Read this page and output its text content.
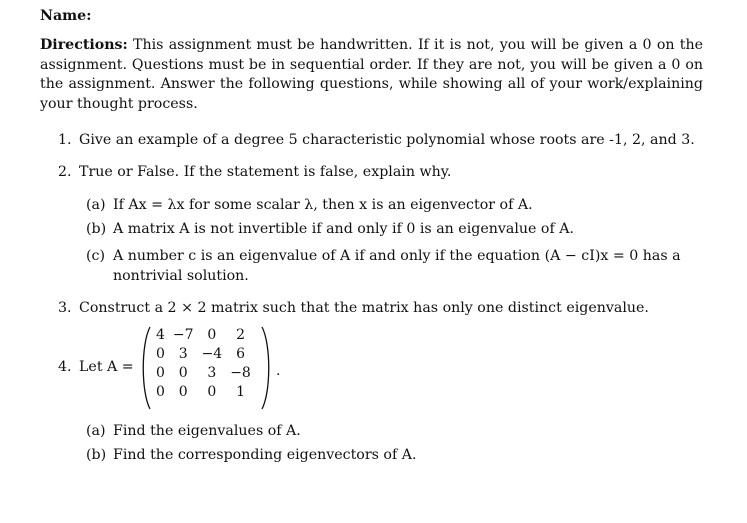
Name:

Directions: This assignment must be handwritten. If it is not, you will be given a 0 on the assignment. Questions must be in sequential order. If they are not, you will be given a 0 on the assignment. Answer the following questions, while showing all of your work/explaining your thought process.

1. Give an example of a degree 5 characteristic polynomial whose roots are -1, 2, and 3.

2. True or False. If the statement is false, explain why.

(a) If Ax = λx for some scalar λ, then x is an eigenvector of A.

(b) A matrix A is not invertible if and only if 0 is an eigenvalue of A.

(c) A number c is an eigenvalue of A if and only if the equation (A − cI)x = 0 has a
nontrivial solution.

3. Construct a 2 × 2 matrix such that the matrix has only one distinct eigenvalue.

4. Let A =
4	−7	0	2
0	3	−4	6
0	0	3	−8
0	0	0	1
.

(a) Find the eigenvalues of A.

(b) Find the corresponding eigenvectors of A.
